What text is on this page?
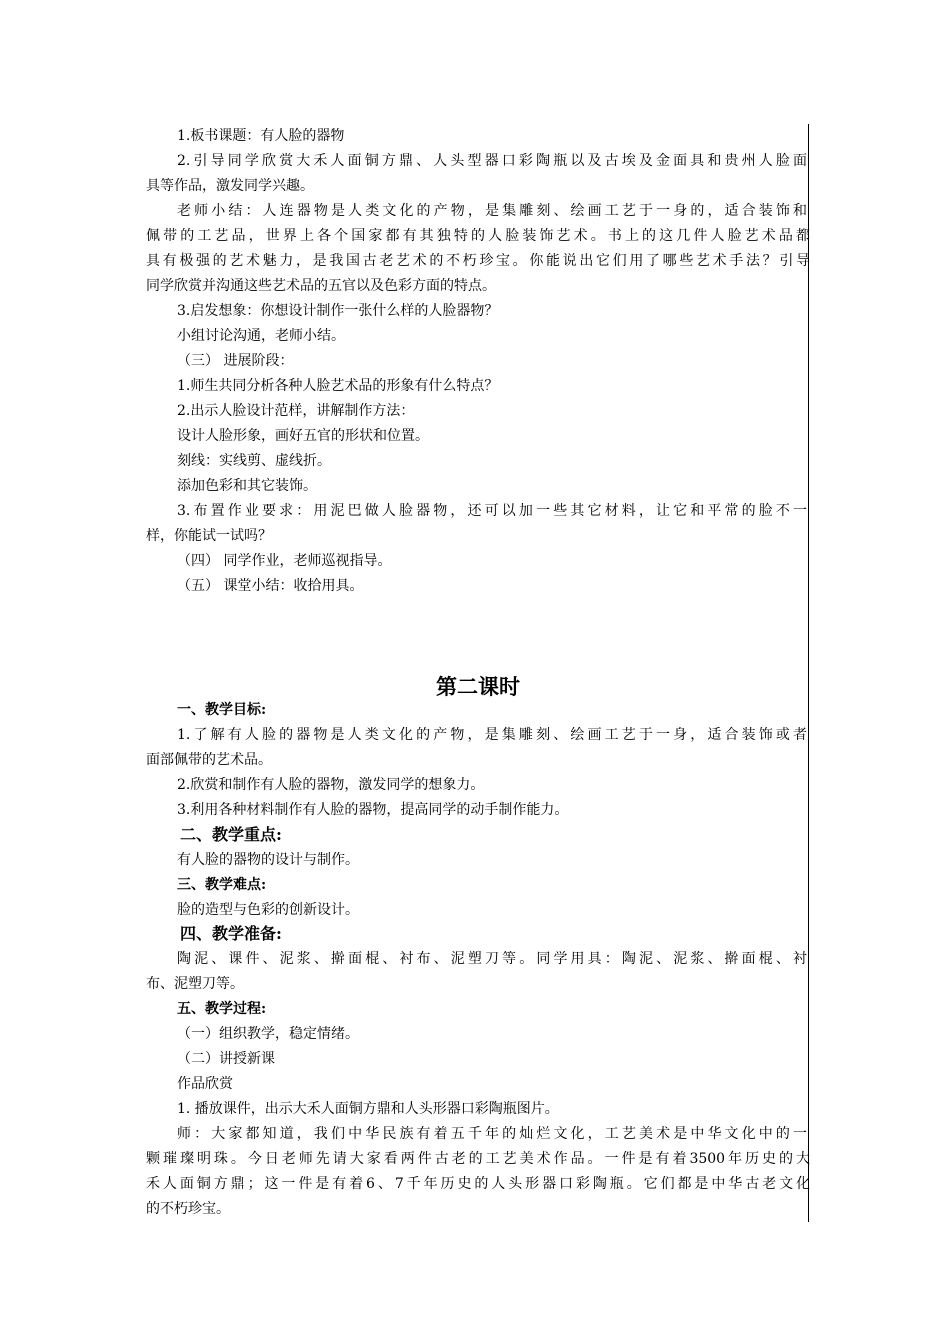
1.板书课题：有人脸的器物
2.引导同学欣赏大禾人面铜方鼎、人头型器口彩陶瓶以及古埃及金面具和贵州人脸面
具等作品，激发同学兴趣。
老师小结：人连器物是人类文化的产物，是集雕刻、绘画工艺于一身的，适合装饰和
佩带的工艺品，世界上各个国家都有其独特的人脸装饰艺术。书上的这几件人脸艺术品都
具有极强的艺术魅力，是我国古老艺术的不朽珍宝。你能说出它们用了哪些艺术手法？引导
同学欣赏并沟通这些艺术品的五官以及色彩方面的特点。
3.启发想象：你想设计制作一张什么样的人脸器物？
小组讨论沟通，老师小结。
（三） 进展阶段：
1.师生共同分析各种人脸艺术品的形象有什么特点？
2.出示人脸设计范样，讲解制作方法：
设计人脸形象，画好五官的形状和位置。
刻线：实线剪、虚线折。
添加色彩和其它装饰。
3.布置作业要求：用泥巴做人脸器物，还可以加一些其它材料，让它和平常的脸不一
样，你能试一试吗？
（四） 同学作业，老师巡视指导。
（五） 课堂小结：收拾用具。
第二课时
一、教学目标:
1.了解有人脸的器物是人类文化的产物，是集雕刻、绘画工艺于一身，适合装饰或者
面部佩带的艺术品。
2.欣赏和制作有人脸的器物，激发同学的想象力。
3.利用各种材料制作有人脸的器物，提高同学的动手制作能力。
二、教学重点:
有人脸的器物的设计与制作。
三、教学难点:
脸的造型与色彩的创新设计。
四、教学准备:
陶泥、课件、泥浆、擀面棍、衬布、泥塑刀等。同学用具：陶泥、泥浆、擀面棍、衬
布、泥塑刀等。
五、教学过程:
（一）组织教学，稳定情绪。
（二）讲授新课
作品欣赏
1. 播放课件，出示大禾人面铜方鼎和人头形器口彩陶瓶图片。
师：大家都知道，我们中华民族有着五千年的灿烂文化，工艺美术是中华文化中的一
颗璀璨明珠。今日老师先请大家看两件古老的工艺美术作品。一件是有着3500年历史的大
禾人面铜方鼎；这一件是有着6、7千年历史的人头形器口彩陶瓶。它们都是中华古老文化
的不朽珍宝。
